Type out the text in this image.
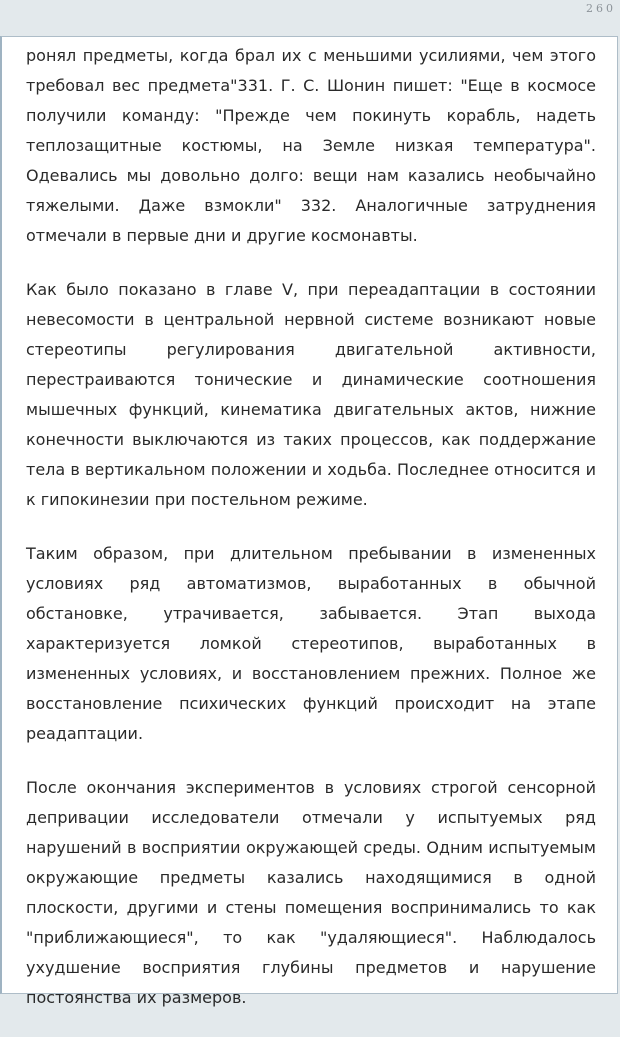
260
ронял предметы, когда брал их с меньшими усилиями, чем этого
требовал вес предмета"331. Г. С. Шонин пишет: "Еще в космосе
получили команду: "Прежде чем покинуть корабль, надеть
теплозащитные костюмы, на Земле низкая температура".
Одевались мы довольно долго: вещи нам казались необычайно
тяжелыми. Даже взмокли" 332. Аналогичные затруднения
отмечали в первые дни и другие космонавты.
Как было показано в главе V, при переадаптации в состоянии
невесомости в центральной нервной системе возникают новые
стереотипы регулирования двигательной активности,
перестраиваются тонические и динамические соотношения
мышечных функций, кинематика двигательных актов, нижние
конечности выключаются из таких процессов, как поддержание
тела в вертикальном положении и ходьба. Последнее относится и
к гипокинезии при постельном режиме.
Таким образом, при длительном пребывании в измененных
условиях ряд автоматизмов, выработанных в обычной
обстановке, утрачивается, забывается. Этап выхода
характеризуется ломкой стереотипов, выработанных в
измененных условиях, и восстановлением прежних. Полное же
восстановление психических функций происходит на этапе
реадаптации.
После окончания экспериментов в условиях строгой сенсорной
депривации исследователи отмечали у испытуемых ряд
нарушений в восприятии окружающей среды. Одним испытуемым
окружающие предметы казались находящимися в одной
плоскости, другими и стены помещения воспринимались то как
"приближающиеся", то как "удаляющиеся". Наблюдалось
ухудшение восприятия глубины предметов и нарушение
постоянства их размеров.
